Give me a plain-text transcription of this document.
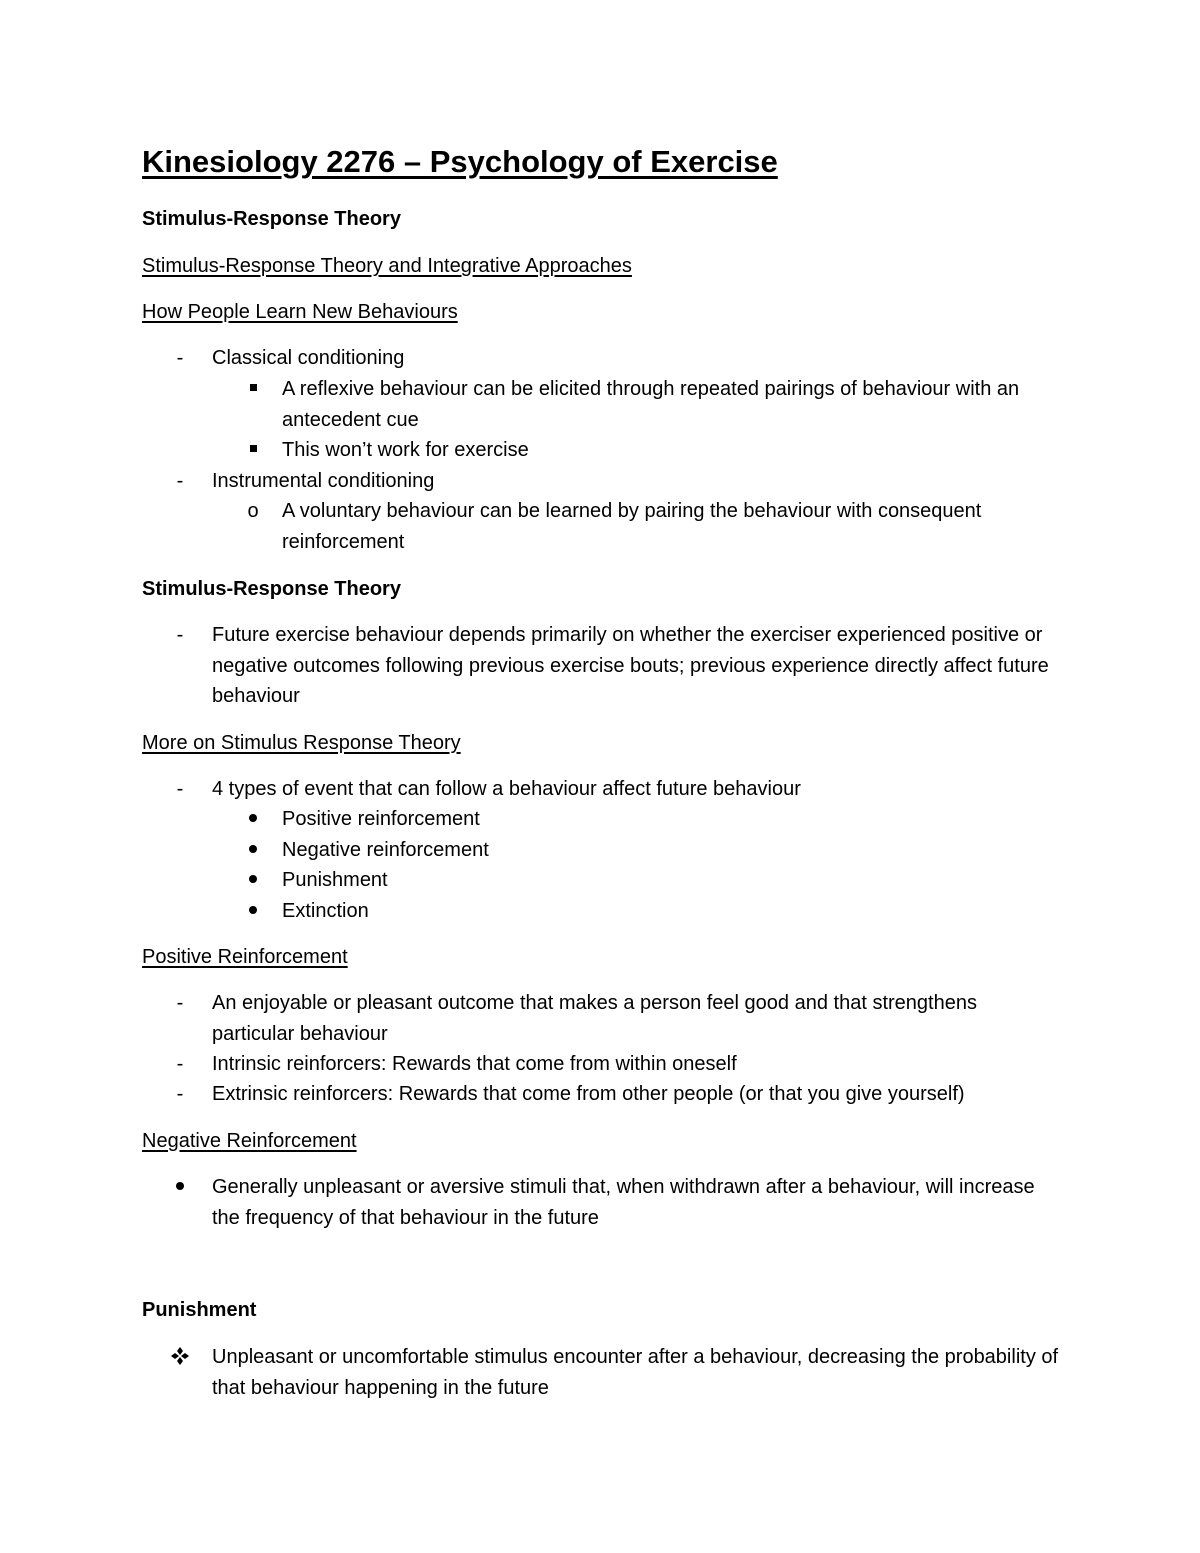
Kinesiology 2276 – Psychology of Exercise
Stimulus-Response Theory
Stimulus-Response Theory and Integrative Approaches
How People Learn New Behaviours
-	Classical conditioning
A reflexive behaviour can be elicited through repeated pairings of behaviour with an antecedent cue
This won’t work for exercise
-	Instrumental conditioning
o A voluntary behaviour can be learned by pairing the behaviour with consequent reinforcement
Stimulus-Response Theory
-	Future exercise behaviour depends primarily on whether the exerciser experienced positive or negative outcomes following previous exercise bouts; previous experience directly affect future behaviour
More on Stimulus Response Theory
-	4 types of event that can follow a behaviour affect future behaviour
Positive reinforcement
Negative reinforcement
Punishment
Extinction
Positive Reinforcement
-	An enjoyable or pleasant outcome that makes a person feel good and that strengthens particular behaviour
-	Intrinsic reinforcers: Rewards that come from within oneself
-	Extrinsic reinforcers: Rewards that come from other people (or that you give yourself)
Negative Reinforcement
Generally unpleasant or aversive stimuli that, when withdrawn after a behaviour, will increase the frequency of that behaviour in the future
Punishment
Unpleasant or uncomfortable stimulus encounter after a behaviour, decreasing the probability of that behaviour happening in the future
